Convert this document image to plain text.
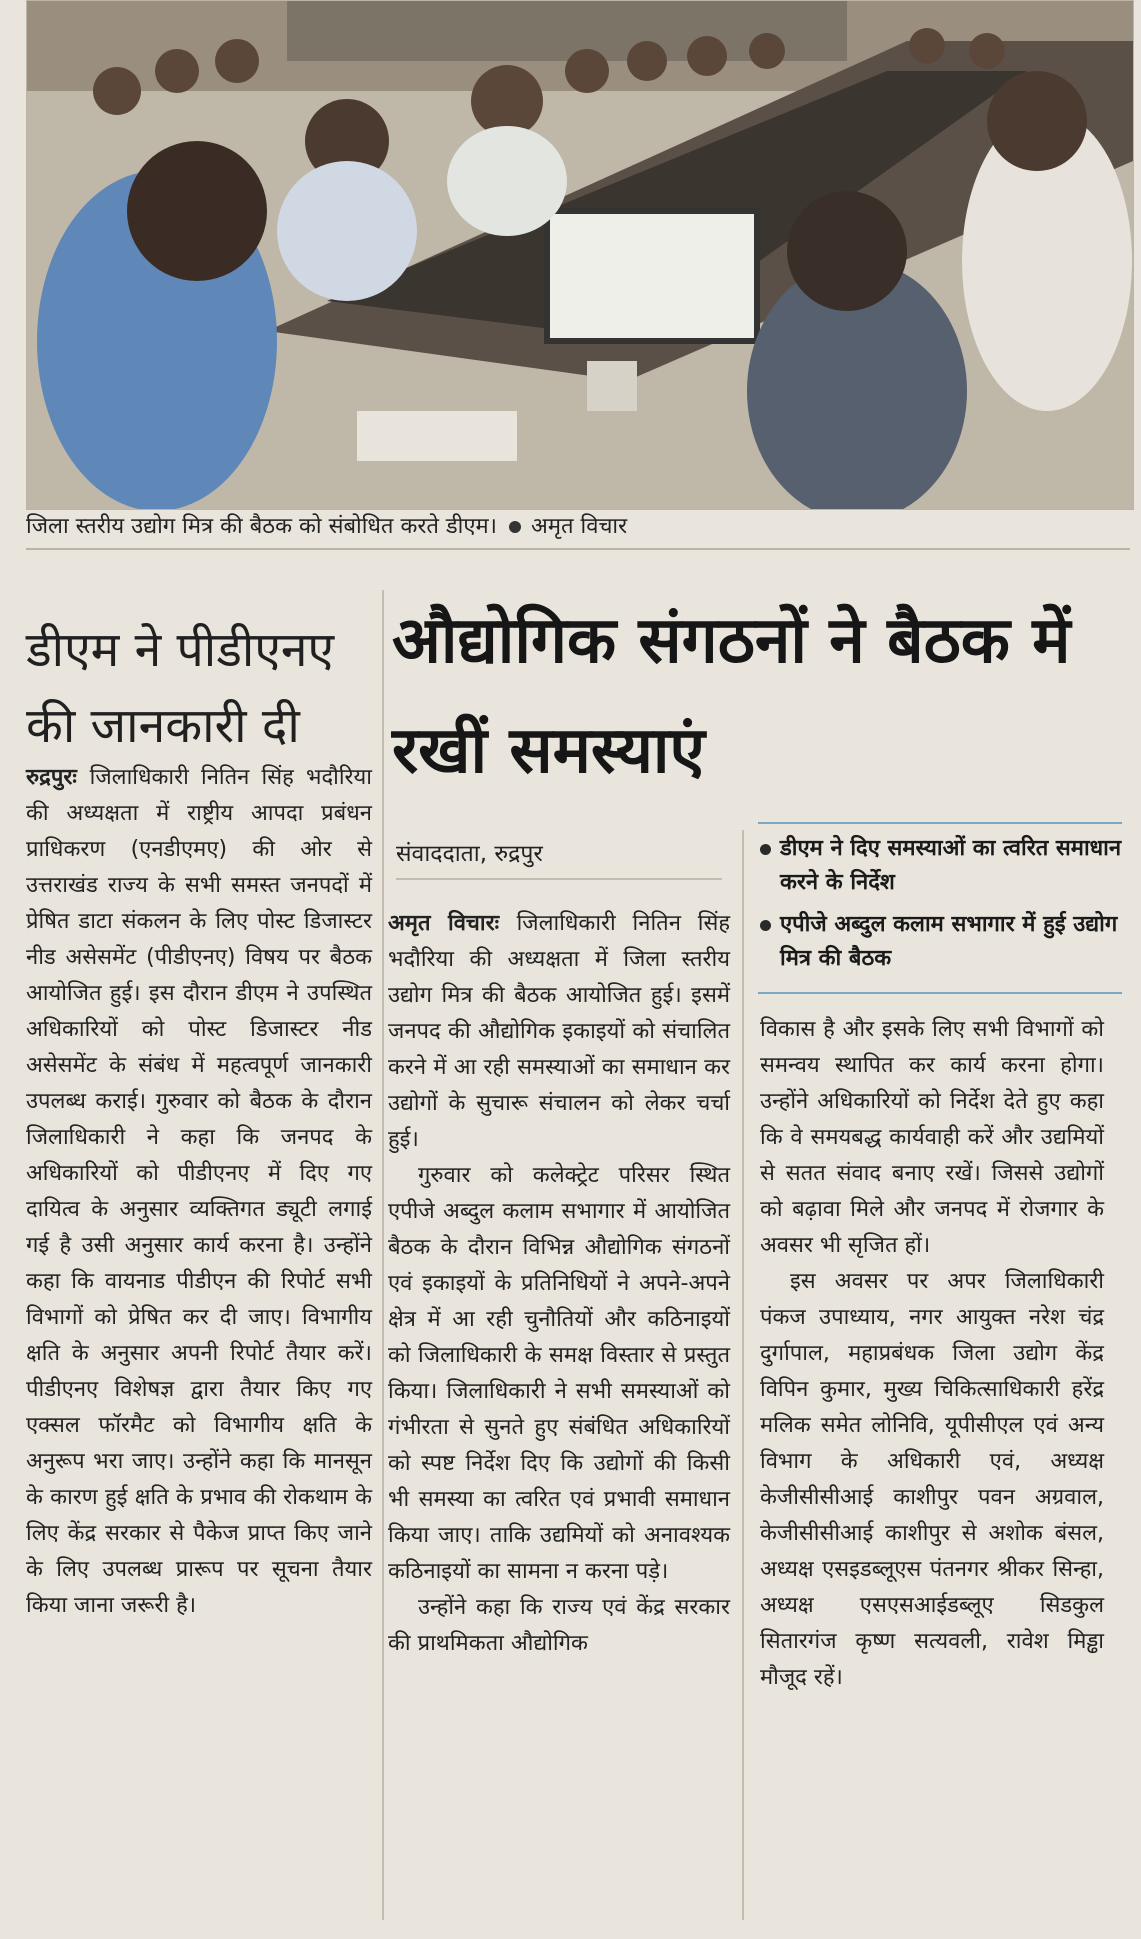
जिला स्तरीय उद्योग मित्र की बैठक को संबोधित करते डीएम। अमृत विचार
डीएम ने पीडीएनए की जानकारी दी

रुद्रपुरः जिलाधिकारी नितिन सिंह भदौरिया की अध्यक्षता में राष्ट्रीय आपदा प्रबंधन प्राधिकरण (एनडीएमए) की ओर से उत्तराखंड राज्य के सभी समस्त जनपदों में प्रेषित डाटा संकलन के लिए पोस्ट डिजास्टर नीड असेसमेंट (पीडीएनए) विषय पर बैठक आयोजित हुई। इस दौरान डीएम ने उपस्थित अधिकारियों को पोस्ट डिजास्टर नीड असेसमेंट के संबंध में महत्वपूर्ण जानकारी उपलब्ध कराई। गुरुवार को बैठक के दौरान जिलाधिकारी ने कहा कि जनपद के अधिकारियों को पीडीएनए में दिए गए दायित्व के अनुसार व्यक्तिगत ड्यूटी लगाई गई है उसी अनुसार कार्य करना है। उन्होंने कहा कि वायनाड पीडीएन की रिपोर्ट सभी विभागों को प्रेषित कर दी जाए। विभागीय क्षति के अनुसार अपनी रिपोर्ट तैयार करें। पीडीएनए विशेषज्ञ द्वारा तैयार किए गए एक्सल फॉरमैट को विभागीय क्षति के अनुरूप भरा जाए। उन्होंने कहा कि मानसून के कारण हुई क्षति के प्रभाव की रोकथाम के लिए केंद्र सरकार से पैकेज प्राप्त किए जाने के लिए उपलब्ध प्रारूप पर सूचना तैयार किया जाना जरूरी है।

औद्योगिक संगठनों ने बैठक में रखीं समस्याएं
संवाददाता, रुद्रपुर	डीएम ने दिए समस्याओं का त्वरित समाधान करने के निर्देश
एपीजे अब्दुल कलाम सभागार में हुई उद्योग मित्र की बैठक

अमृत विचारः जिलाधिकारी नितिन सिंह भदौरिया की अध्यक्षता में जिला स्तरीय उद्योग मित्र की बैठक आयोजित हुई। इसमें जनपद की औद्योगिक इकाइयों को संचालित करने में आ रही समस्याओं का समाधान कर उद्योगों के सुचारू संचालन को लेकर चर्चा हुई।

गुरुवार को कलेक्ट्रेट परिसर स्थित एपीजे अब्दुल कलाम सभागार में आयोजित बैठक के दौरान विभिन्न औद्योगिक संगठनों एवं इकाइयों के प्रतिनिधियों ने अपने-अपने क्षेत्र में आ रही चुनौतियों और कठिनाइयों को जिलाधिकारी के समक्ष विस्तार से प्रस्तुत किया। जिलाधिकारी ने सभी समस्याओं को गंभीरता से सुनते हुए संबंधित अधिकारियों को स्पष्ट निर्देश दिए कि उद्योगों की किसी भी समस्या का त्वरित एवं प्रभावी समाधान किया जाए। ताकि उद्यमियों को अनावश्यक कठिनाइयों का सामना न करना पड़े।

उन्होंने कहा कि राज्य एवं केंद्र सरकार की प्राथमिकता औद्योगिक

विकास है और इसके लिए सभी विभागों को समन्वय स्थापित कर कार्य करना होगा। उन्होंने अधिकारियों को निर्देश देते हुए कहा कि वे समयबद्ध कार्यवाही करें और उद्यमियों से सतत संवाद बनाए रखें। जिससे उद्योगों को बढ़ावा मिले और जनपद में रोजगार के अवसर भी सृजित हों।

इस अवसर पर अपर जिलाधिकारी पंकज उपाध्याय, नगर आयुक्त नरेश चंद्र दुर्गापाल, महाप्रबंधक जिला उद्योग केंद्र विपिन कुमार, मुख्य चिकित्साधिकारी हरेंद्र मलिक समेत लोनिवि, यूपीसीएल एवं अन्य विभाग के अधिकारी एवं, अध्यक्ष केजीसीसीआई काशीपुर पवन अग्रवाल, केजीसीसीआई काशीपुर से अशोक बंसल, अध्यक्ष एसइडब्लूएस पंतनगर श्रीकर सिन्हा, अध्यक्ष एसएसआईडब्लूए सिडकुल सितारगंज कृष्ण सत्यवली, रावेश मिड्ढा मौजूद रहें।
